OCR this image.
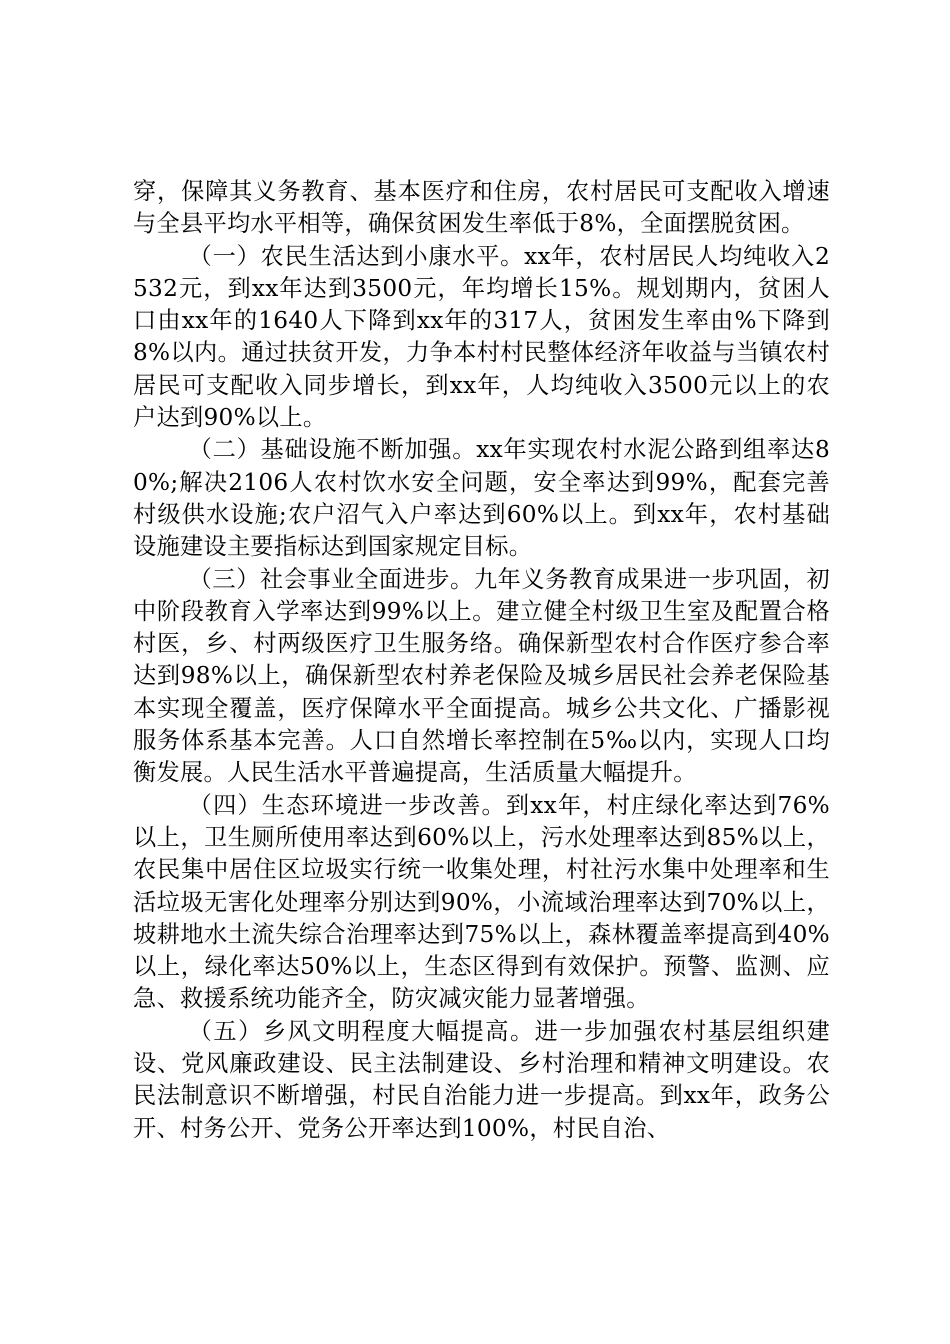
穿，保障其义务教育、基本医疗和住房，农村居民可支配收入增速与全县平均水平相等，确保贫困发生率低于8%，全面摆脱贫困。

（一）农民生活达到小康水平。xx年，农村居民人均纯收入2532元，到xx年达到3500元，年均增长15%。规划期内，贫困人口由xx年的1640人下降到xx年的317人，贫困发生率由%下降到8%以内。通过扶贫开发，力争本村村民整体经济年收益与当镇农村居民可支配收入同步增长，到xx年，人均纯收入3500元以上的农户达到90%以上。

（二）基础设施不断加强。xx年实现农村水泥公路到组率达80%;解决2106人农村饮水安全问题，安全率达到99%，配套完善村级供水设施;农户沼气入户率达到60%以上。到xx年，农村基础设施建设主要指标达到国家规定目标。

（三）社会事业全面进步。九年义务教育成果进一步巩固，初中阶段教育入学率达到99%以上。建立健全村级卫生室及配置合格村医，乡、村两级医疗卫生服务络。确保新型农村合作医疗参合率达到98%以上，确保新型农村养老保险及城乡居民社会养老保险基本实现全覆盖，医疗保障水平全面提高。城乡公共文化、广播影视服务体系基本完善。人口自然增长率控制在5‰以内，实现人口均衡发展。人民生活水平普遍提高，生活质量大幅提升。

（四）生态环境进一步改善。到xx年，村庄绿化率达到76%以上，卫生厕所使用率达到60%以上，污水处理率达到85%以上，农民集中居住区垃圾实行统一收集处理，村社污水集中处理率和生活垃圾无害化处理率分别达到90%，小流域治理率达到70%以上，坡耕地水土流失综合治理率达到75%以上，森林覆盖率提高到40%以上，绿化率达50%以上，生态区得到有效保护。预警、监测、应急、救援系统功能齐全，防灾减灾能力显著增强。

（五）乡风文明程度大幅提高。进一步加强农村基层组织建设、党风廉政建设、民主法制建设、乡村治理和精神文明建设。农民法制意识不断增强，村民自治能力进一步提高。到xx年，政务公开、村务公开、党务公开率达到100%，村民自治、
